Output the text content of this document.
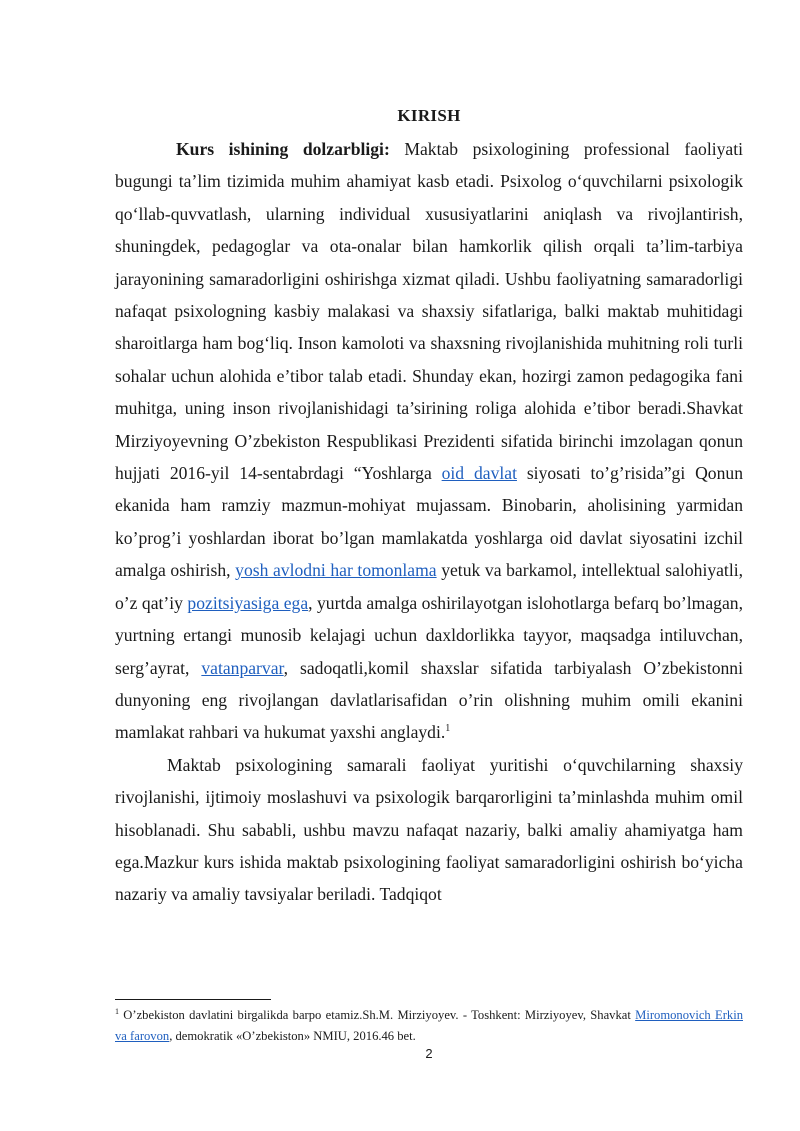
KIRISH

Kurs ishining dolzarbligi: Maktab psixologining professional faoliyati bugungi ta’lim tizimida muhim ahamiyat kasb etadi. Psixolog o‘quvchilarni psixologik qo‘llab-quvvatlash, ularning individual xususiyatlarini aniqlash va rivojlantirish, shuningdek, pedagoglar va ota-onalar bilan hamkorlik qilish orqali ta’lim-tarbiya jarayonining samaradorligini oshirishga xizmat qiladi. Ushbu faoliyatning samaradorligi nafaqat psixologning kasbiy malakasi va shaxsiy sifatlariga, balki maktab muhitidagi sharoitlarga ham bog‘liq. Inson kamoloti va shaxsning rivojlanishida muhitning roli turli sohalar uchun alohida e’tibor talab etadi. Shunday ekan, hozirgi zamon pedagogika fani muhitga, uning inson rivojlanishidagi ta’sirining roliga alohida e’tibor beradi.Shavkat Mirziyoyevning O’zbekiston Respublikasi Prezidenti sifatida birinchi imzolagan qonun hujjati 2016-yil 14-sentabrdagi “Yoshlarga oid davlat siyosati to’g’risida”gi Qonun ekanida ham ramziy mazmun-mohiyat mujassam. Binobarin, aholisining yarmidan ko’prog’i yoshlardan iborat bo’lgan mamlakatda yoshlarga oid davlat siyosatini izchil amalga oshirish, yosh avlodni har tomonlama yetuk va barkamol, intellektual salohiyatli, o’z qat’iy pozitsiyasiga ega, yurtda amalga oshirilayotgan islohotlarga befarq bo’lmagan, yurtning ertangi munosib kelajagi uchun daxldorlikka tayyor, maqsadga intiluvchan, serg’ayrat, vatanparvar, sadoqatli,komil shaxslar sifatida tarbiyalash O’zbekistonni dunyoning eng rivojlangan davlatlarisafidan o’rin olishning muhim omili ekanini mamlakat rahbari va hukumat yaxshi anglaydi.$^1$

Maktab psixologining samarali faoliyat yuritishi o‘quvchilarning shaxsiy rivojlanishi, ijtimoiy moslashuvi va psixologik barqarorligini ta’minlashda muhim omil hisoblanadi. Shu sababli, ushbu mavzu nafaqat nazariy, balki amaliy ahamiyatga ham ega.Mazkur kurs ishida maktab psixologining faoliyat samaradorligini oshirish bo‘yicha nazariy va amaliy tavsiyalar beriladi. Tadqiqot

$^1$ O’zbekiston davlatini birgalikda barpo etamiz.Sh.M. Mirziyoyev. - Toshkent: Mirziyoyev, Shavkat Miromonovich Erkin va farovon, demokratik «O’zbekiston» NMIU, 2016.46 bet.
2
